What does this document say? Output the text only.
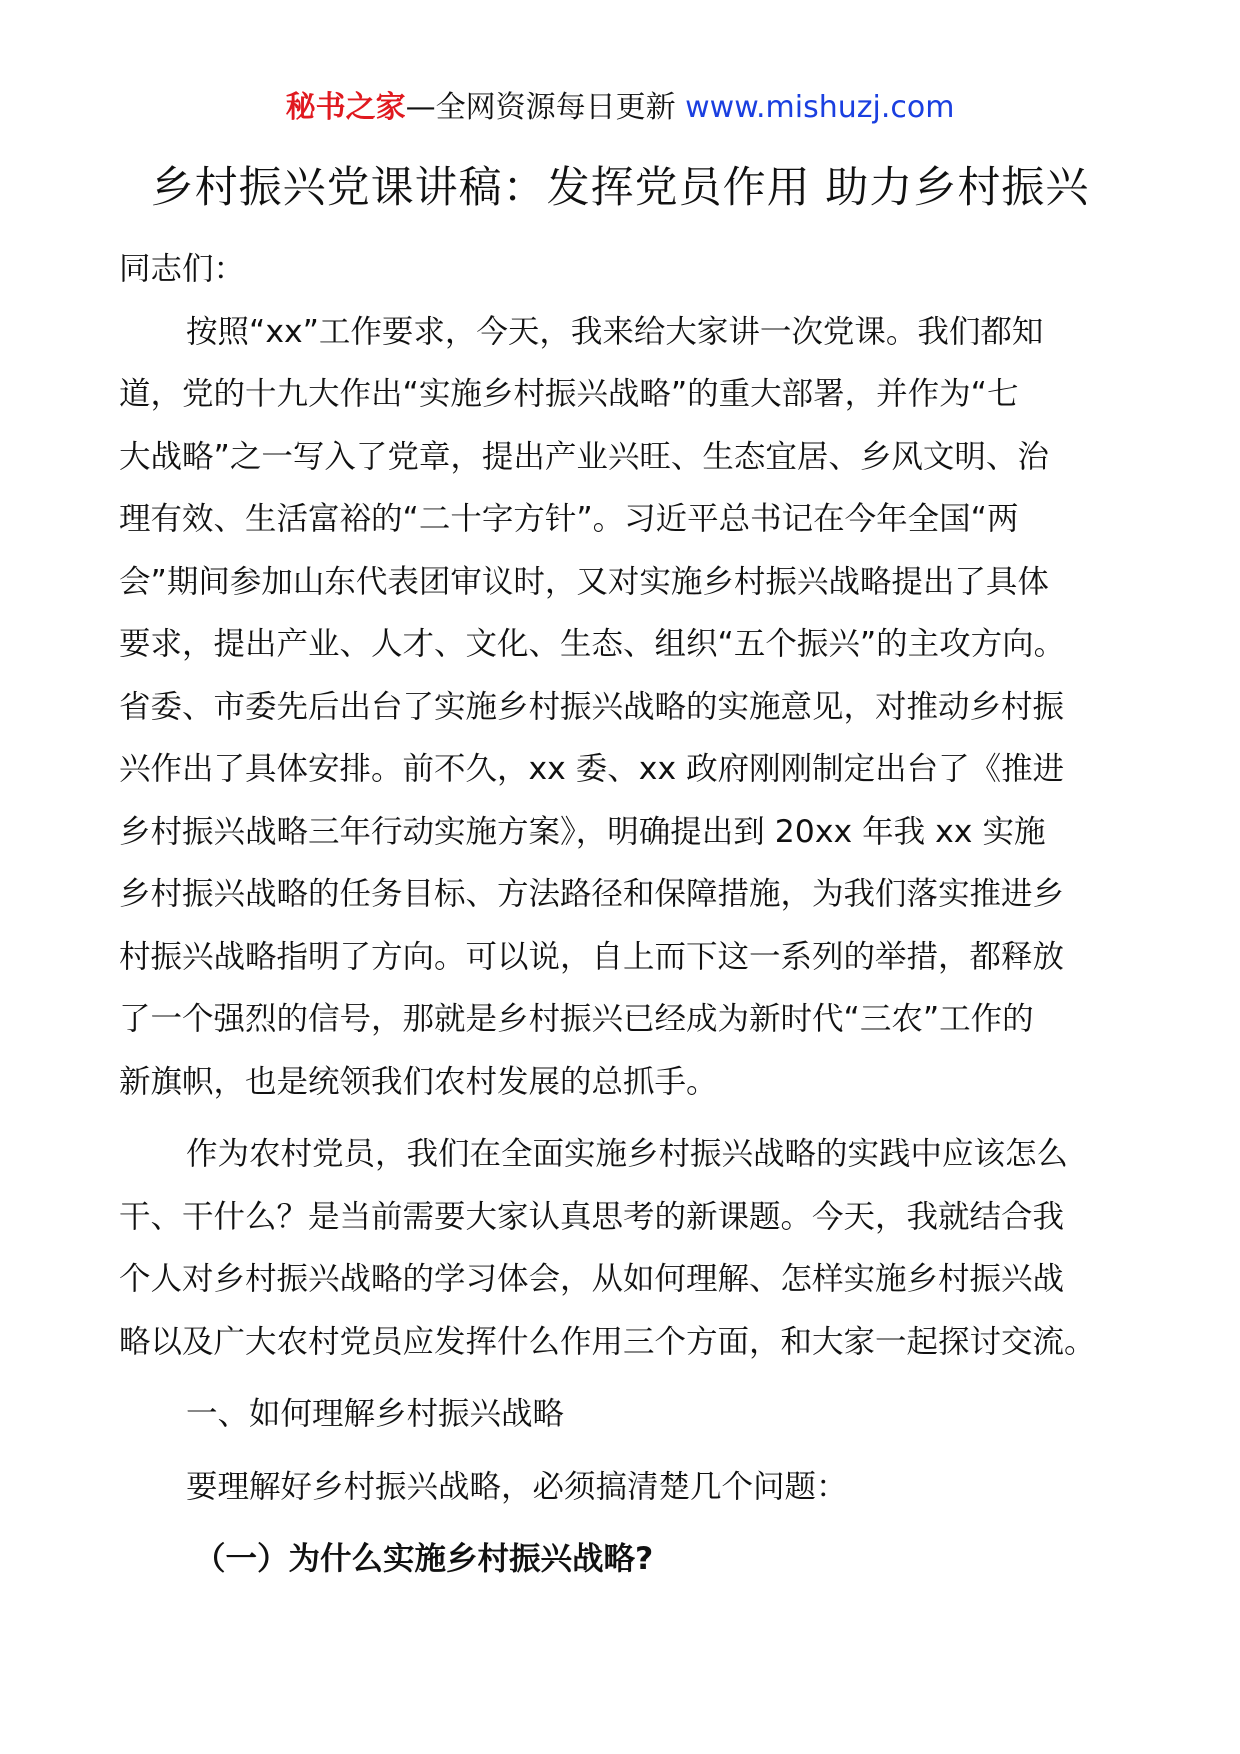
秘书之家—全网资源每日更新 www.mishuzj.com
乡村振兴党课讲稿：发挥党员作用 助力乡村振兴
同志们：
按照“xx”工作要求，今天，我来给大家讲一次党课。我们都知
道，党的十九大作出“实施乡村振兴战略”的重大部署，并作为“七
大战略”之一写入了党章，提出产业兴旺、生态宜居、乡风文明、治
理有效、生活富裕的“二十字方针”。习近平总书记在今年全国“两
会”期间参加山东代表团审议时，又对实施乡村振兴战略提出了具体
要求，提出产业、人才、文化、生态、组织“五个振兴”的主攻方向。
省委、市委先后出台了实施乡村振兴战略的实施意见，对推动乡村振
兴作出了具体安排。前不久，xx 委、xx 政府刚刚制定出台了《推进
乡村振兴战略三年行动实施方案》，明确提出到 20xx 年我 xx 实施
乡村振兴战略的任务目标、方法路径和保障措施，为我们落实推进乡
村振兴战略指明了方向。可以说，自上而下这一系列的举措，都释放
了一个强烈的信号，那就是乡村振兴已经成为新时代“三农”工作的
新旗帜，也是统领我们农村发展的总抓手。
作为农村党员，我们在全面实施乡村振兴战略的实践中应该怎么
干、干什么？是当前需要大家认真思考的新课题。今天，我就结合我
个人对乡村振兴战略的学习体会，从如何理解、怎样实施乡村振兴战
略以及广大农村党员应发挥什么作用三个方面，和大家一起探讨交流。
一、如何理解乡村振兴战略
要理解好乡村振兴战略，必须搞清楚几个问题：
（一）为什么实施乡村振兴战略?
